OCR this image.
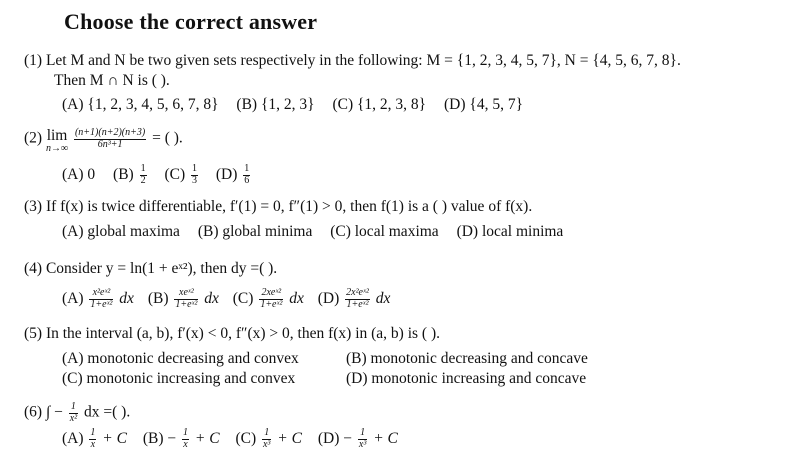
Choose the correct answer
(1) Let M and N be two given sets respectively in the following: M = {1, 2, 3, 4, 5, 7}, N = {4, 5, 6, 7, 8}.
Then M ∩ N is ( ).
(A) {1, 2, 3, 4, 5, 6, 7, 8} (B) {1, 2, 3} (C) {1, 2, 3, 8} (D) {4, 5, 7}
(2) lim
n→∞
$\frac{(n+1)(n+2)(n+3)}{\text{6n³+1}}$ = ( ).
(A) 0 $(B) \frac{1}{2} (C) \frac{1}{3} (D) \frac{1}{6}$
(3) If f(x) is twice differentiable, f′(1) = 0, f″(1) > 0, then f(1) is a ( ) value of f(x).
(A) global maxima (B) global minima (C) local maxima (D) local minima
(4) Consider y = ln(1 + eˣ²), then dy =( ).
$(A) \frac{\text{x²eˣ²}}{\text{1+eˣ²}}$ dx $(B) \frac{\text{xeˣ²}}{\text{1+eˣ²}}$ dx $(C) \frac{\text{2xeˣ²}}{\text{1+eˣ²}}$ dx $(D) \frac{\text{2x²eˣ²}}{\text{1+eˣ²}}$ dx
(5) In the interval (a, b), f′(x) < 0, f″(x) > 0, then f(x) in (a, b) is ( ).
(A) monotonic decreasing and convex	(B) monotonic decreasing and concave
(C) monotonic increasing and convex	(D) monotonic increasing and concave
(6) ∫ − $\frac{1}{\text{x²}}$ dx =( ).
$(A) \frac{1}{x} + C$ $(B) - \frac{1}{x} + C$ $(C) \frac{1}{\text{x³}} + C$ $(D) - \frac{1}{\text{x³}} + C$
